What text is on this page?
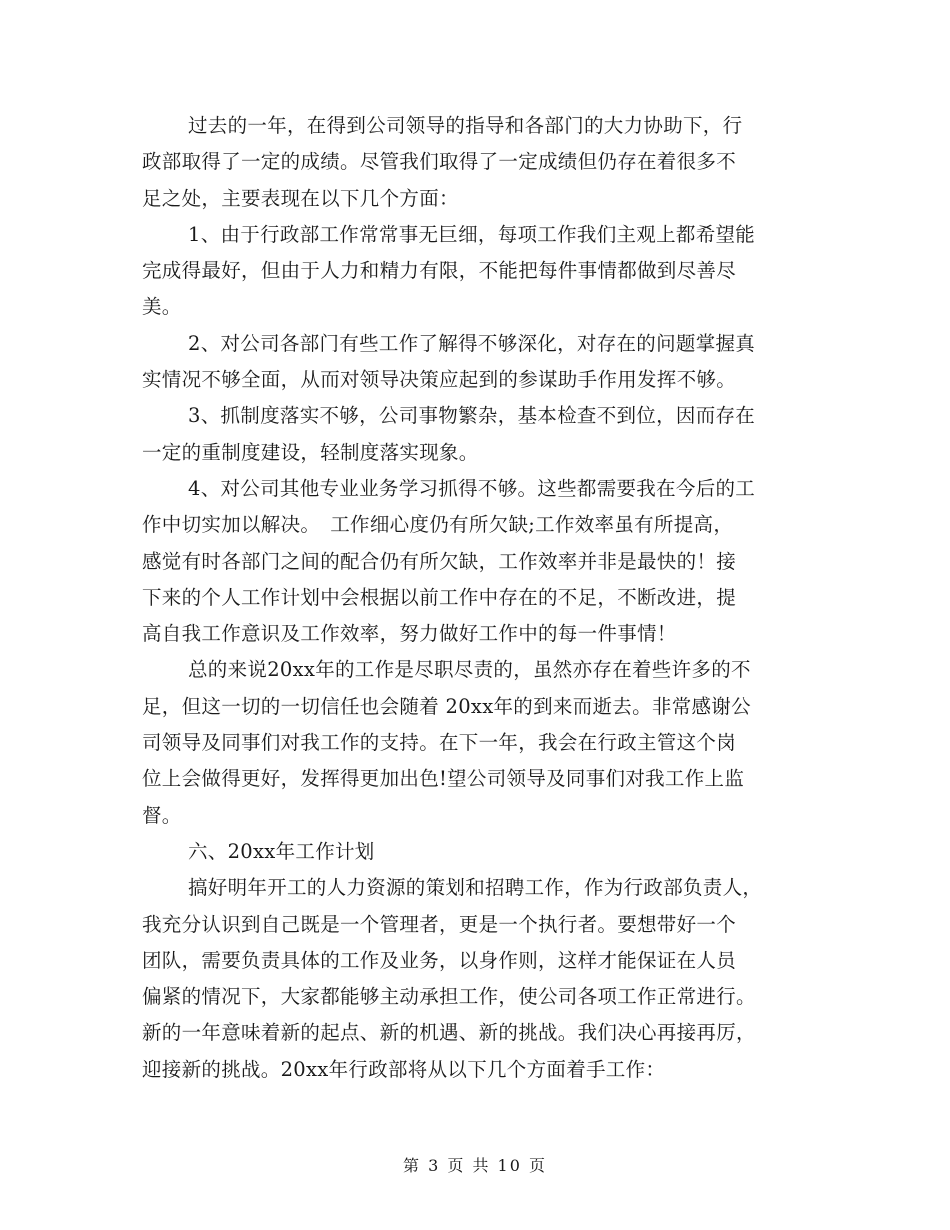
过去的一年，在得到公司领导的指导和各部门的大力协助下，行
政部取得了一定的成绩。尽管我们取得了一定成绩但仍存在着很多不
足之处，主要表现在以下几个方面：
1、由于行政部工作常常事无巨细，每项工作我们主观上都希望能
完成得最好，但由于人力和精力有限，不能把每件事情都做到尽善尽
美。
2、对公司各部门有些工作了解得不够深化，对存在的问题掌握真
实情况不够全面，从而对领导决策应起到的参谋助手作用发挥不够。
3、抓制度落实不够，公司事物繁杂，基本检查不到位，因而存在
一定的重制度建设，轻制度落实现象。
4、对公司其他专业业务学习抓得不够。这些都需要我在今后的工
作中切实加以解决。　工作细心度仍有所欠缺;工作效率虽有所提高，
感觉有时各部门之间的配合仍有所欠缺，工作效率并非是最快的！接
下来的个人工作计划中会根据以前工作中存在的不足，不断改进，提
高自我工作意识及工作效率，努力做好工作中的每一件事情！
总的来说20xx年的工作是尽职尽责的，虽然亦存在着些许多的不
足，但这一切的一切信任也会随着 20xx年的到来而逝去。非常感谢公
司领导及同事们对我工作的支持。在下一年，我会在行政主管这个岗
位上会做得更好，发挥得更加出色!望公司领导及同事们对我工作上监
督。
六、20xx年工作计划
搞好明年开工的人力资源的策划和招聘工作，作为行政部负责人，
我充分认识到自己既是一个管理者，更是一个执行者。要想带好一个
团队，需要负责具体的工作及业务，以身作则，这样才能保证在人员
偏紧的情况下，大家都能够主动承担工作，使公司各项工作正常进行。
新的一年意味着新的起点、新的机遇、新的挑战。我们决心再接再厉，
迎接新的挑战。20xx年行政部将从以下几个方面着手工作：
第 3 页 共 10 页
